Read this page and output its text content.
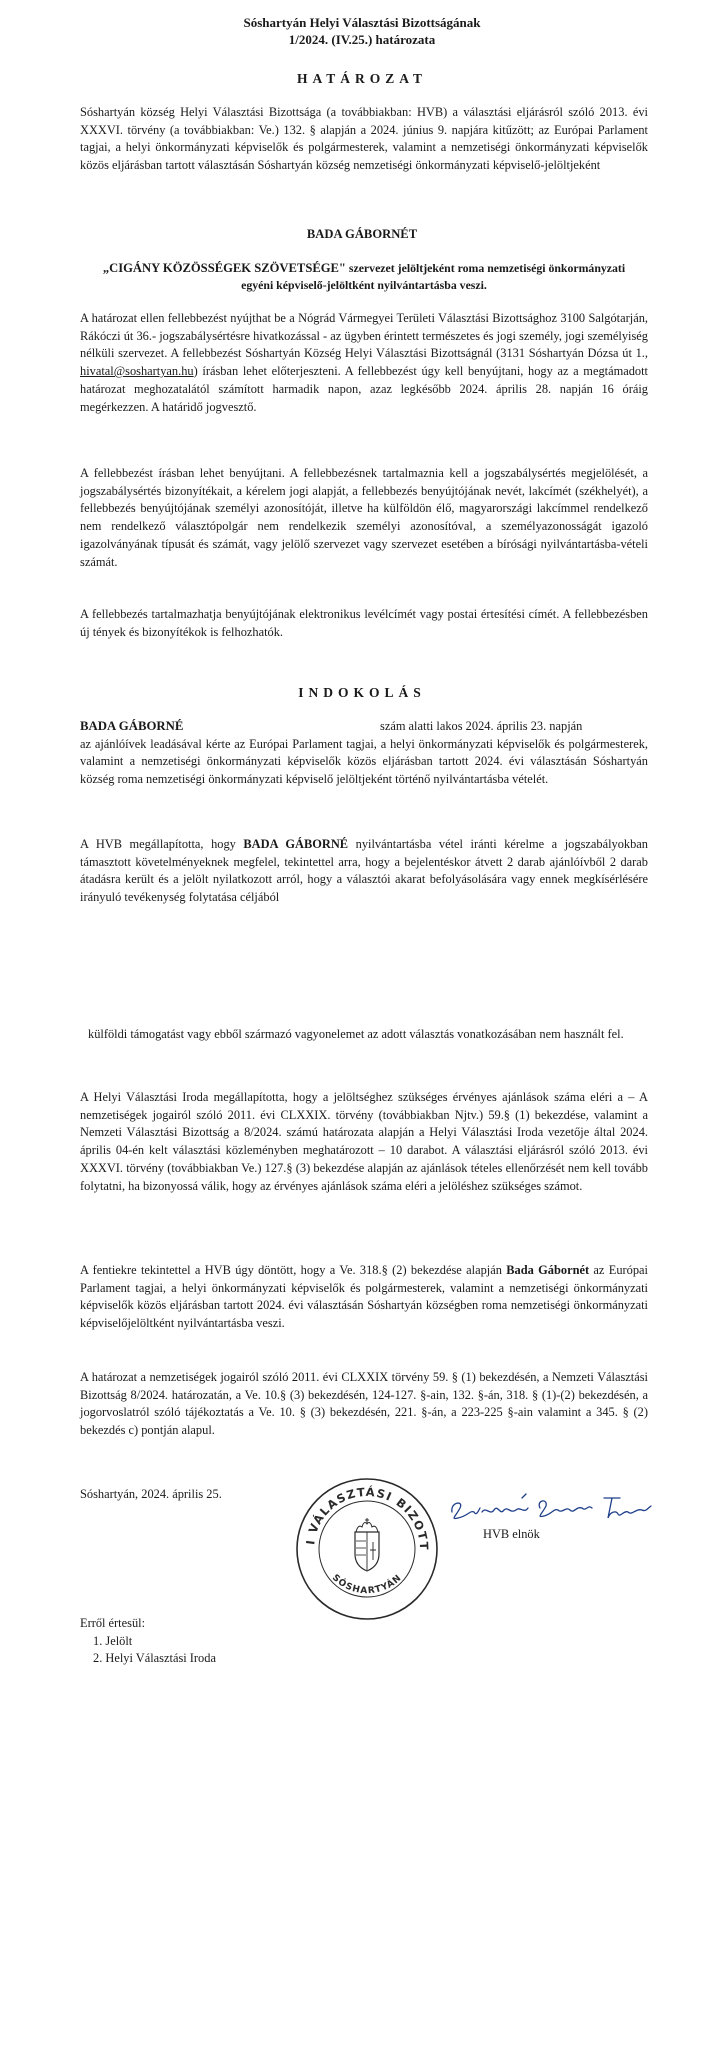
Sóshartyán Helyi Választási Bizottságának
1/2024. (IV.25.) határozata
HATÁROZAT
Sóshartyán község Helyi Választási Bizottsága (a továbbiakban: HVB) a választási eljárásról szóló 2013. évi XXXVI. törvény (a továbbiakban: Ve.) 132. § alapján a 2024. június 9. napjára kitűzött; az Európai Parlament tagjai, a helyi önkormányzati képviselők és polgármesterek, valamint a nemzetiségi önkormányzati képviselők közös eljárásban tartott választásán Sóshartyán község nemzetiségi önkormányzati képviselő-jelöltjeként
BADA GÁBORNÉT
„CIGÁNY KÖZÖSSÉGEK SZÖVETSÉGE" szervezet jelöltjeként roma nemzetiségi önkormányzati egyéni képviselő-jelöltként nyilvántartásba veszi.
A határozat ellen fellebbezést nyújthat be a Nógrád Vármegyei Területi Választási Bizottsághoz 3100 Salgótarján, Rákóczi út 36.- jogszabálysértésre hivatkozással - az ügyben érintett természetes és jogi személy, jogi személyiség nélküli szervezet. A fellebbezést Sóshartyán Község Helyi Választási Bizottságnál (3131 Sóshartyán Dózsa út 1., hivatal@soshartyan.hu) írásban lehet előterjeszteni. A fellebbezést úgy kell benyújtani, hogy az a megtámadott határozat meghozatalától számított harmadik napon, azaz legkésőbb 2024. április 28. napján 16 óráig megérkezzen. A határidő jogvesztő.
A fellebbezést írásban lehet benyújtani. A fellebbezésnek tartalmaznia kell a jogszabálysértés megjelölését, a jogszabálysértés bizonyítékait, a kérelem jogi alapját, a fellebbezés benyújtójának nevét, lakcímét (székhelyét), a fellebbezés benyújtójának személyi azonosítóját, illetve ha külföldön élő, magyarországi lakcímmel rendelkező nem rendelkező választópolgár nem rendelkezik személyi azonosítóval, a személyazonosságát igazoló igazolványának típusát és számát, vagy jelölő szervezet vagy szervezet esetében a bírósági nyilvántartásba-vételi számát.
A fellebbezés tartalmazhatja benyújtójának elektronikus levélcímét vagy postai értesítési címét. A fellebbezésben új tények és bizonyítékok is felhozhatók.
INDOKOLÁS
BADA GÁBORNÉ	szám alatti lakos 2024. április 23. napján

az ajánlóívek leadásával kérte az Európai Parlament tagjai, a helyi önkormányzati képviselők és polgármesterek, valamint a nemzetiségi önkormányzati képviselők közös eljárásban tartott 2024. évi választásán Sóshartyán község roma nemzetiségi önkormányzati képviselő jelöltjeként történő nyilvántartásba vételét.

A HVB megállapította, hogy BADA GÁBORNÉ nyilvántartásba vétel iránti kérelme a jogszabályokban támasztott követelményeknek megfelel, tekintettel arra, hogy a bejelentéskor átvett 2 darab ajánlóívből 2 darab átadásra került és a jelölt nyilatkozott arról, hogy a választói akarat befolyásolására vagy ennek megkísérlésére irányuló tevékenység folytatása céljából
külföldi támogatást vagy ebből származó vagyonelemet az adott választás vonatkozásában nem használt fel.
A Helyi Választási Iroda megállapította, hogy a jelöltséghez szükséges érvényes ajánlások száma eléri a – A nemzetiségek jogairól szóló 2011. évi CLXXIX. törvény (továbbiakban Njtv.) 59.§ (1) bekezdése, valamint a Nemzeti Választási Bizottság a 8/2024. számú határozata alapján a Helyi Választási Iroda vezetője által 2024. április 04-én kelt választási közleményben meghatározott – 10 darabot. A választási eljárásról szóló 2013. évi XXXVI. törvény (továbbiakban Ve.) 127.§ (3) bekezdése alapján az ajánlások tételes ellenőrzését nem kell tovább folytatni, ha bizonyossá válik, hogy az érvényes ajánlások száma eléri a jelöléshez szükséges számot.
A fentiekre tekintettel a HVB úgy döntött, hogy a Ve. 318.§ (2) bekezdése alapján Bada Gábornét az Európai Parlament tagjai, a helyi önkormányzati képviselők és polgármesterek, valamint a nemzetiségi önkormányzati képviselők közös eljárásban tartott 2024. évi választásán Sóshartyán községben roma nemzetiségi önkormányzati képviselőjelöltként nyilvántartásba veszi.
A határozat a nemzetiségek jogairól szóló 2011. évi CLXXIX törvény 59. § (1) bekezdésén, a Nemzeti Választási Bizottság 8/2024. határozatán, a Ve. 10.§ (3) bekezdésén, 124-127. §-ain, 132. §-án, 318. § (1)-(2) bekezdésén, a jogorvoslatról szóló tájékoztatás a Ve. 10. § (3) bekezdésén, 221. §-án, a 223-225 §-ain valamint a 345. § (2) bekezdés c) pontján alapul.
Sóshartyán, 2024. április 25.
I VÁLASZTÁSI BIZOTT
SÓSHARTYÁN
HVB elnök

Erről értesül:

1. Jelölt

2. Helyi Választási Iroda
